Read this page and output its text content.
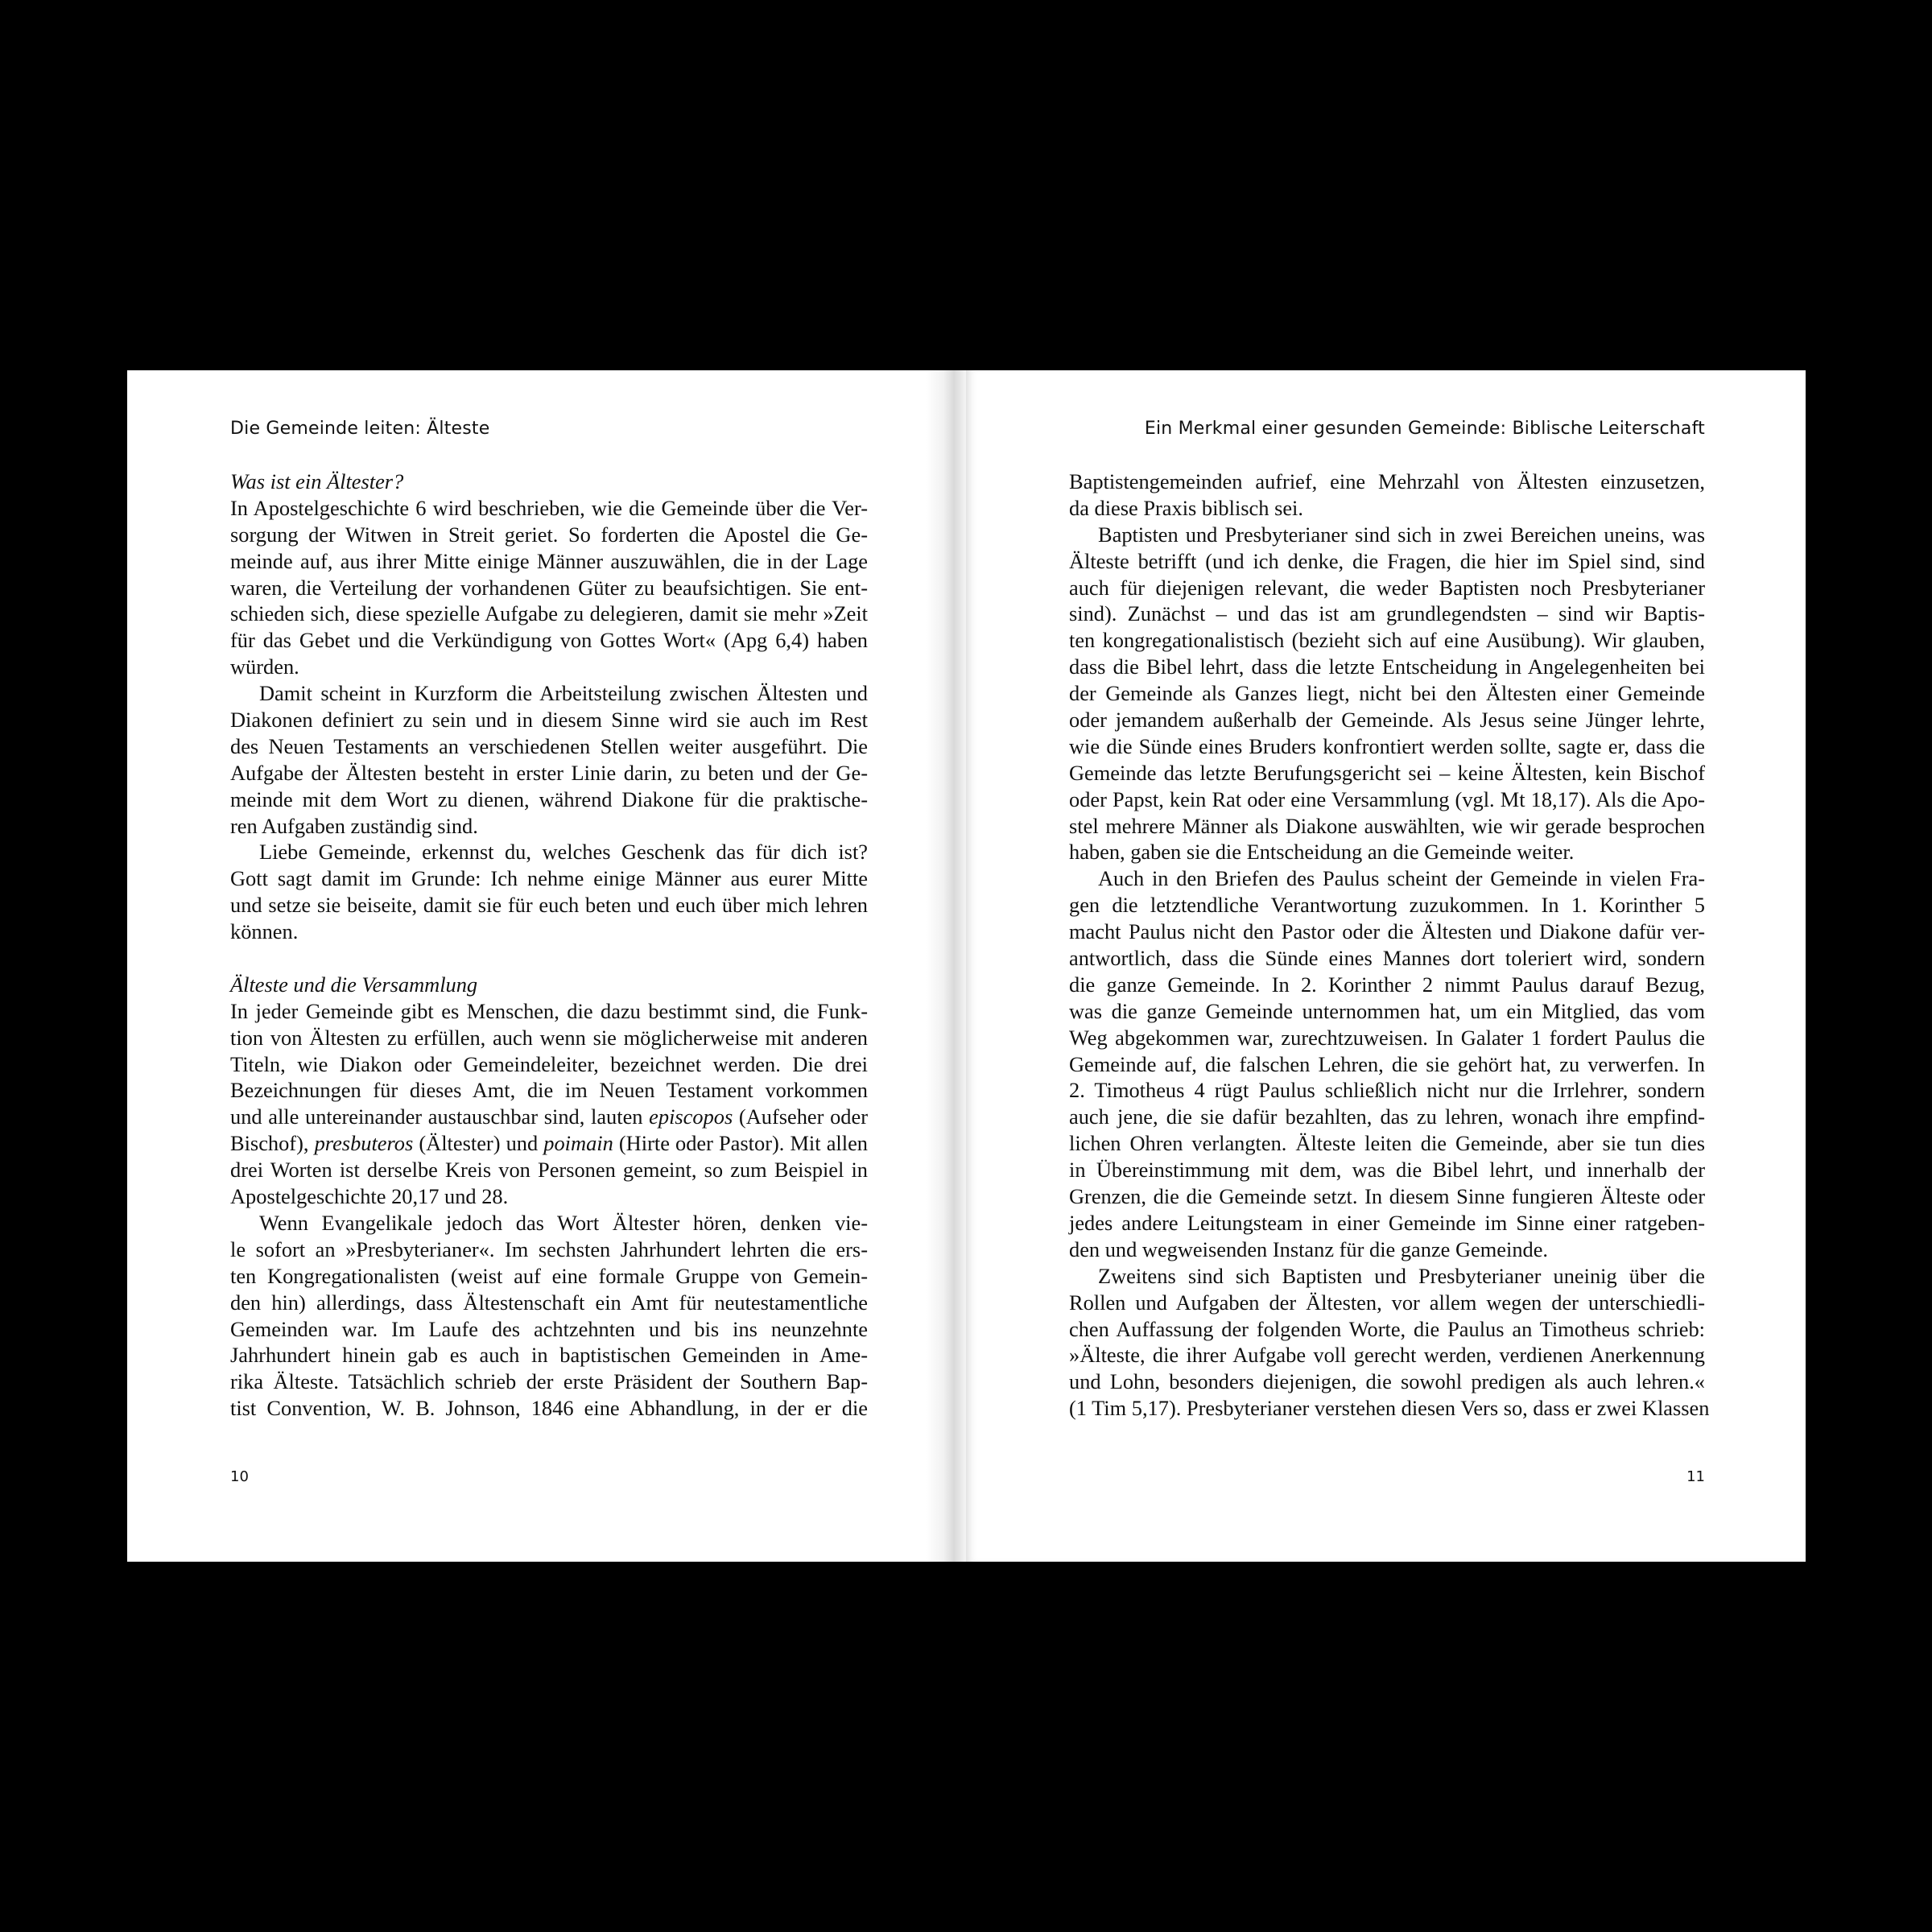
Die Gemeinde leiten: Älteste
Was ist ein Ältester?
In Apostelgeschichte 6 wird beschrieben, wie die Gemeinde über die Ver-
sorgung der Witwen in Streit geriet. So forderten die Apostel die Ge-
meinde auf, aus ihrer Mitte einige Männer auszuwählen, die in der Lage
waren, die Verteilung der vorhandenen Güter zu beaufsichtigen. Sie ent-
schieden sich, diese spezielle Aufgabe zu delegieren, damit sie mehr »Zeit
für das Gebet und die Verkündigung von Gottes Wort« (Apg 6,4) haben
würden.
Damit scheint in Kurzform die Arbeitsteilung zwischen Ältesten und
Diakonen definiert zu sein und in diesem Sinne wird sie auch im Rest
des Neuen Testaments an verschiedenen Stellen weiter ausgeführt. Die
Aufgabe der Ältesten besteht in erster Linie darin, zu beten und der Ge-
meinde mit dem Wort zu dienen, während Diakone für die praktische-
ren Aufgaben zuständig sind.
Liebe Gemeinde, erkennst du, welches Geschenk das für dich ist?
Gott sagt damit im Grunde: Ich nehme einige Männer aus eurer Mitte
und setze sie beiseite, damit sie für euch beten und euch über mich lehren
können.
Älteste und die Versammlung
In jeder Gemeinde gibt es Menschen, die dazu bestimmt sind, die Funk-
tion von Ältesten zu erfüllen, auch wenn sie möglicherweise mit anderen
Titeln, wie Diakon oder Gemeindeleiter, bezeichnet werden. Die drei
Bezeichnungen für dieses Amt, die im Neuen Testament vorkommen
und alle untereinander austauschbar sind, lauten episcopos (Aufseher oder
Bischof), presbuteros (Ältester) und poimain (Hirte oder Pastor). Mit allen
drei Worten ist derselbe Kreis von Personen gemeint, so zum Beispiel in
Apostelgeschichte 20,17 und 28.
Wenn Evangelikale jedoch das Wort Ältester hören, denken vie-
le sofort an »Presbyterianer«. Im sechsten Jahrhundert lehrten die ers-
ten Kongregationalisten (weist auf eine formale Gruppe von Gemein-
den hin) allerdings, dass Ältestenschaft ein Amt für neutestamentliche
Gemeinden war. Im Laufe des achtzehnten und bis ins neunzehnte
Jahrhundert hinein gab es auch in baptistischen Gemeinden in Ame-
rika Älteste. Tatsächlich schrieb der erste Präsident der Southern Bap-
tist Convention, W. B. Johnson, 1846 eine Abhandlung, in der er die
10
Ein Merkmal einer gesunden Gemeinde: Biblische Leiterschaft
Baptistengemeinden aufrief, eine Mehrzahl von Ältesten einzusetzen,
da diese Praxis biblisch sei.
Baptisten und Presbyterianer sind sich in zwei Bereichen uneins, was
Älteste betrifft (und ich denke, die Fragen, die hier im Spiel sind, sind
auch für diejenigen relevant, die weder Baptisten noch Presbyterianer
sind). Zunächst – und das ist am grundlegendsten – sind wir Baptis-
ten kongregationalistisch (bezieht sich auf eine Ausübung). Wir glauben,
dass die Bibel lehrt, dass die letzte Entscheidung in Angelegenheiten bei
der Gemeinde als Ganzes liegt, nicht bei den Ältesten einer Gemeinde
oder jemandem außerhalb der Gemeinde. Als Jesus seine Jünger lehrte,
wie die Sünde eines Bruders konfrontiert werden sollte, sagte er, dass die
Gemeinde das letzte Berufungsgericht sei – keine Ältesten, kein Bischof
oder Papst, kein Rat oder eine Versammlung (vgl. Mt 18,17). Als die Apo-
stel mehrere Männer als Diakone auswählten, wie wir gerade besprochen
haben, gaben sie die Entscheidung an die Gemeinde weiter.
Auch in den Briefen des Paulus scheint der Gemeinde in vielen Fra-
gen die letztendliche Verantwortung zuzukommen. In 1. Korinther 5
macht Paulus nicht den Pastor oder die Ältesten und Diakone dafür ver-
antwortlich, dass die Sünde eines Mannes dort toleriert wird, sondern
die ganze Gemeinde. In 2. Korinther 2 nimmt Paulus darauf Bezug,
was die ganze Gemeinde unternommen hat, um ein Mitglied, das vom
Weg abgekommen war, zurechtzuweisen. In Galater 1 fordert Paulus die
Gemeinde auf, die falschen Lehren, die sie gehört hat, zu verwerfen. In
2. Timotheus 4 rügt Paulus schließlich nicht nur die Irrlehrer, sondern
auch jene, die sie dafür bezahlten, das zu lehren, wonach ihre empfind-
lichen Ohren verlangten. Älteste leiten die Gemeinde, aber sie tun dies
in Übereinstimmung mit dem, was die Bibel lehrt, und innerhalb der
Grenzen, die die Gemeinde setzt. In diesem Sinne fungieren Älteste oder
jedes andere Leitungsteam in einer Gemeinde im Sinne einer ratgeben-
den und wegweisenden Instanz für die ganze Gemeinde.
Zweitens sind sich Baptisten und Presbyterianer uneinig über die
Rollen und Aufgaben der Ältesten, vor allem wegen der unterschiedli-
chen Auffassung der folgenden Worte, die Paulus an Timotheus schrieb:
»Älteste, die ihrer Aufgabe voll gerecht werden, verdienen Anerkennung
und Lohn, besonders diejenigen, die sowohl predigen als auch lehren.«
(1 Tim 5,17). Presbyterianer verstehen diesen Vers so, dass er zwei Klassen
11
